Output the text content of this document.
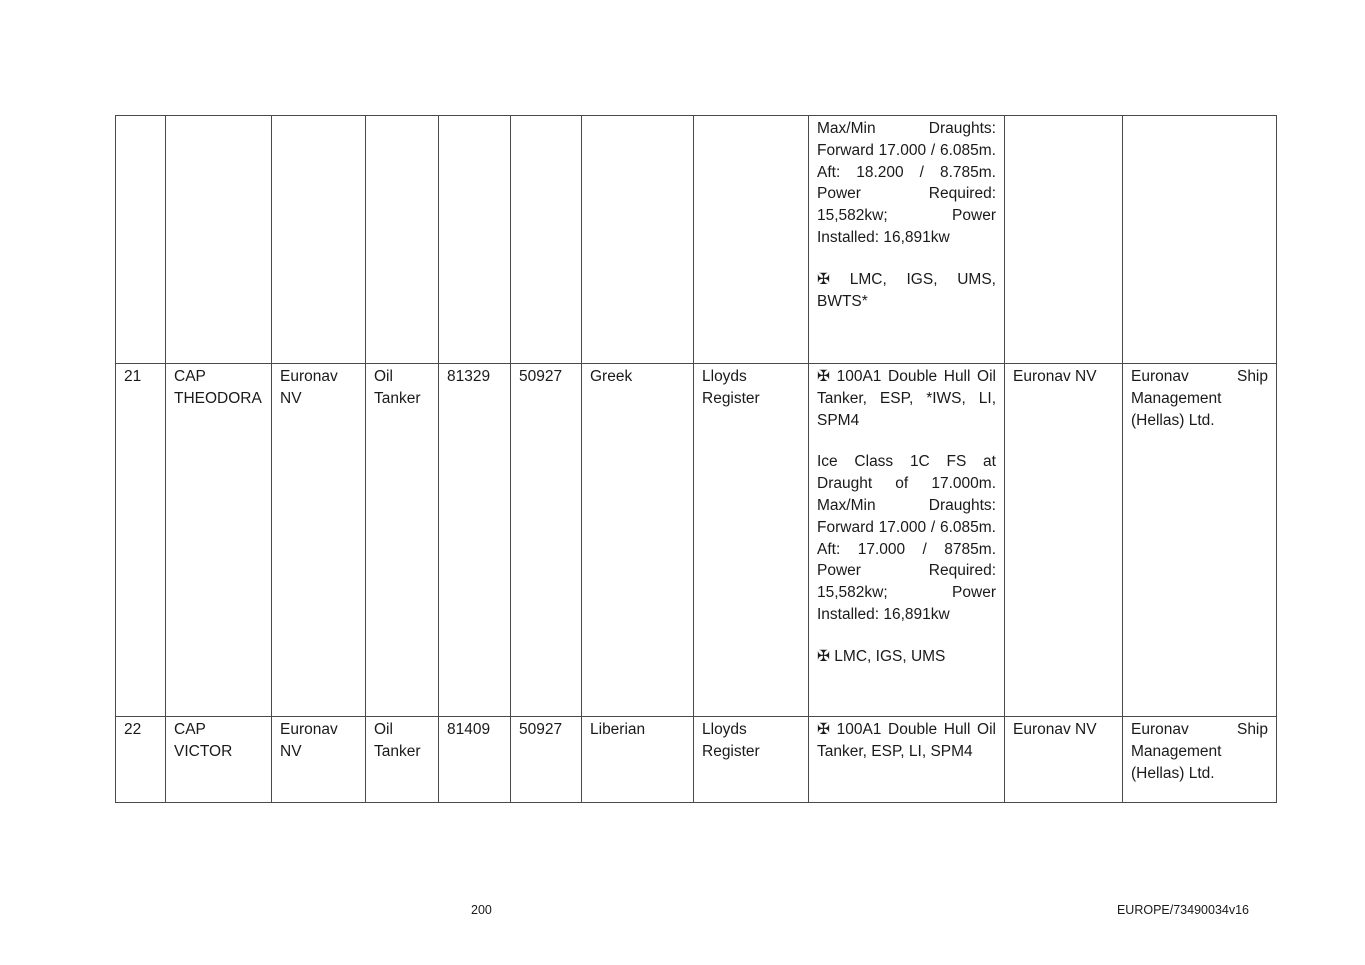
								Max/Min Draughts: Forward 17.000 / 6.085m. Aft: 18.200 / 8.785m. Power Required: 15,582kw; Power Installed: 16,891kw

✠ LMC, IGS, UMS, BWTS*		

21	CAP THEODORA	Euronav NV	Oil Tanker	81329	50927	Greek	Lloyds Register	✠ 100A1 Double Hull Oil Tanker, ESP, *IWS, LI, SPM4

Ice Class 1C FS at Draught of 17.000m. Max/Min Draughts: Forward 17.000 / 6.085m. Aft: 17.000 / 8785m. Power Required: 15,582kw; Power Installed: 16,891kw

✠ LMC, IGS, UMS	Euronav NV	Euronav Ship Management (Hellas) Ltd.
22	CAP VICTOR	Euronav NV	Oil Tanker	81409	50927	Liberian	Lloyds Register	✠ 100A1 Double Hull Oil Tanker, ESP, LI, SPM4	Euronav NV	Euronav Ship Management (Hellas) Ltd.
200	EUROPE/73490034v16
